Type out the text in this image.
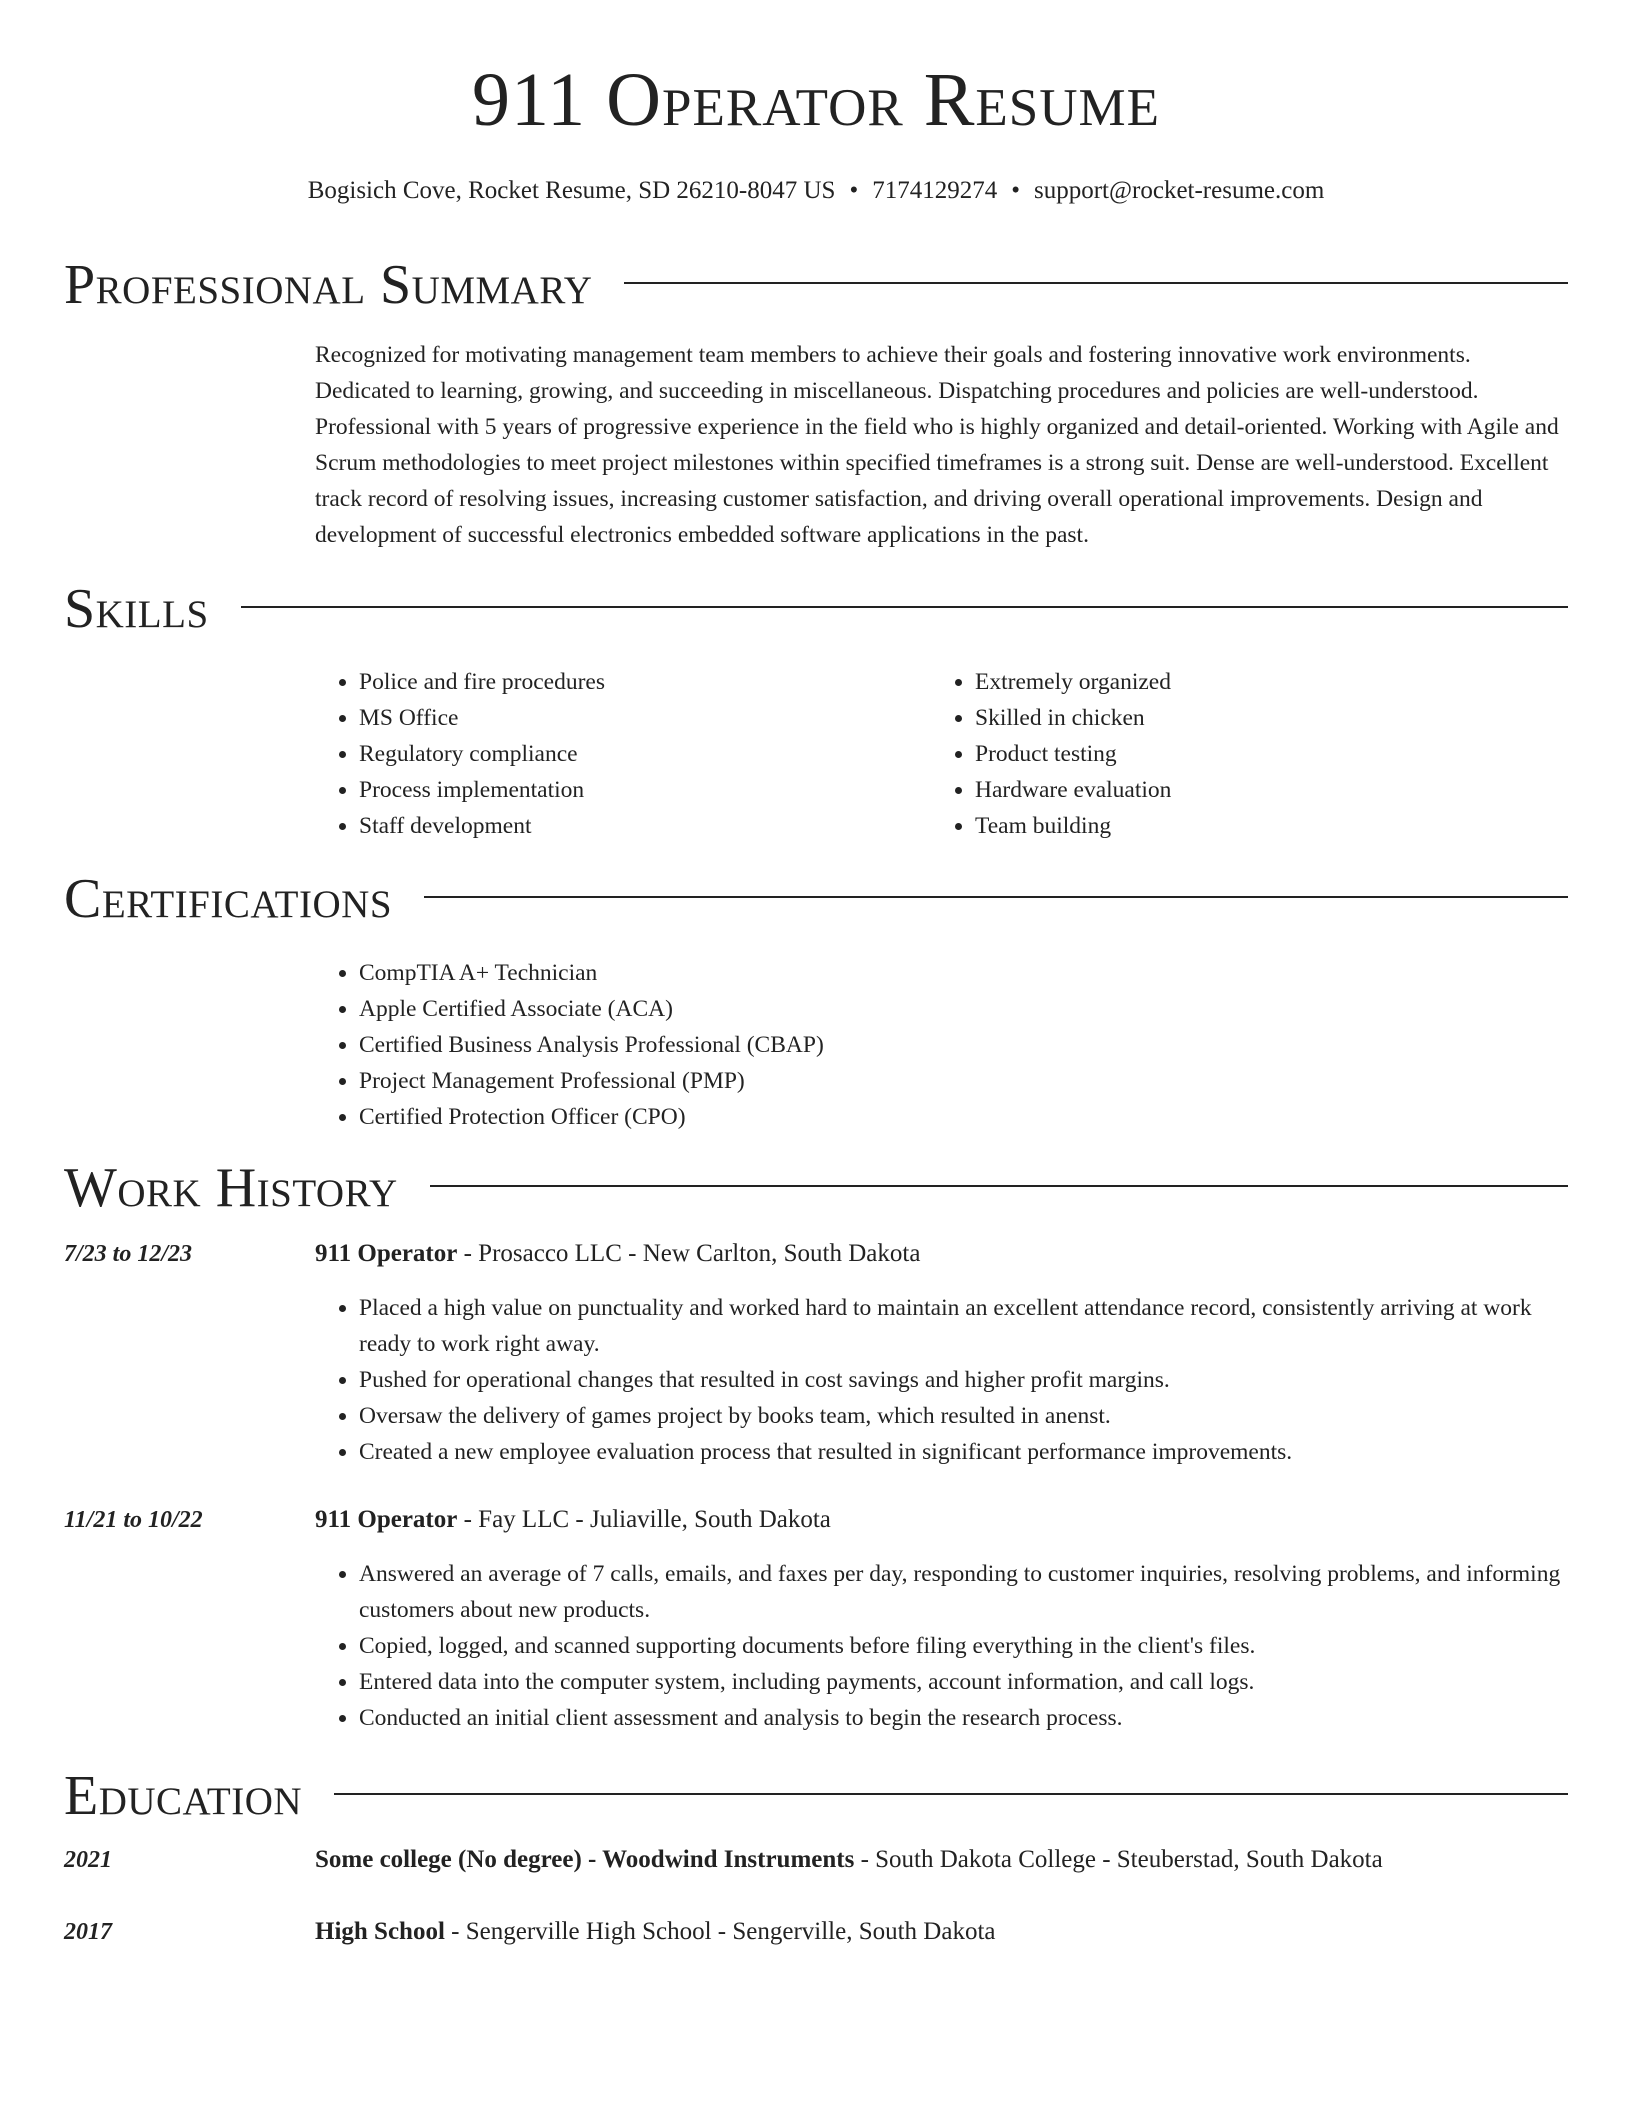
911 Operator Resume
Bogisich Cove, Rocket Resume, SD 26210-8047 US • 7174129274 • support@rocket-resume.com
Professional Summary
Recognized for motivating management team members to achieve their goals and fostering innovative work environments. Dedicated to learning, growing, and succeeding in miscellaneous. Dispatching procedures and policies are well-understood. Professional with 5 years of progressive experience in the field who is highly organized and detail-oriented. Working with Agile and Scrum methodologies to meet project milestones within specified timeframes is a strong suit. Dense are well-understood. Excellent track record of resolving issues, increasing customer satisfaction, and driving overall operational improvements. Design and development of successful electronics embedded software applications in the past.
Skills
• Police and fire procedures
• MS Office
• Regulatory compliance
• Process implementation
• Staff development
• Extremely organized
• Skilled in chicken
• Product testing
• Hardware evaluation
• Team building
Certifications
• CompTIA A+ Technician
• Apple Certified Associate (ACA)
• Certified Business Analysis Professional (CBAP)
• Project Management Professional (PMP)
• Certified Protection Officer (CPO)
Work History
7/23 to 12/23	911 Operator - Prosacco LLC - New Carlton, South Dakota
• Placed a high value on punctuality and worked hard to maintain an excellent attendance record, consistently arriving at work ready to work right away.
• Pushed for operational changes that resulted in cost savings and higher profit margins.
• Oversaw the delivery of games project by books team, which resulted in anenst.
• Created a new employee evaluation process that resulted in significant performance improvements.
11/21 to 10/22	911 Operator - Fay LLC - Juliaville, South Dakota
• Answered an average of 7 calls, emails, and faxes per day, responding to customer inquiries, resolving problems, and informing customers about new products.
• Copied, logged, and scanned supporting documents before filing everything in the client's files.
• Entered data into the computer system, including payments, account information, and call logs.
• Conducted an initial client assessment and analysis to begin the research process.
Education
2021	Some college (No degree) - Woodwind Instruments - South Dakota College - Steuberstad, South Dakota
2017	High School - Sengerville High School - Sengerville, South Dakota
